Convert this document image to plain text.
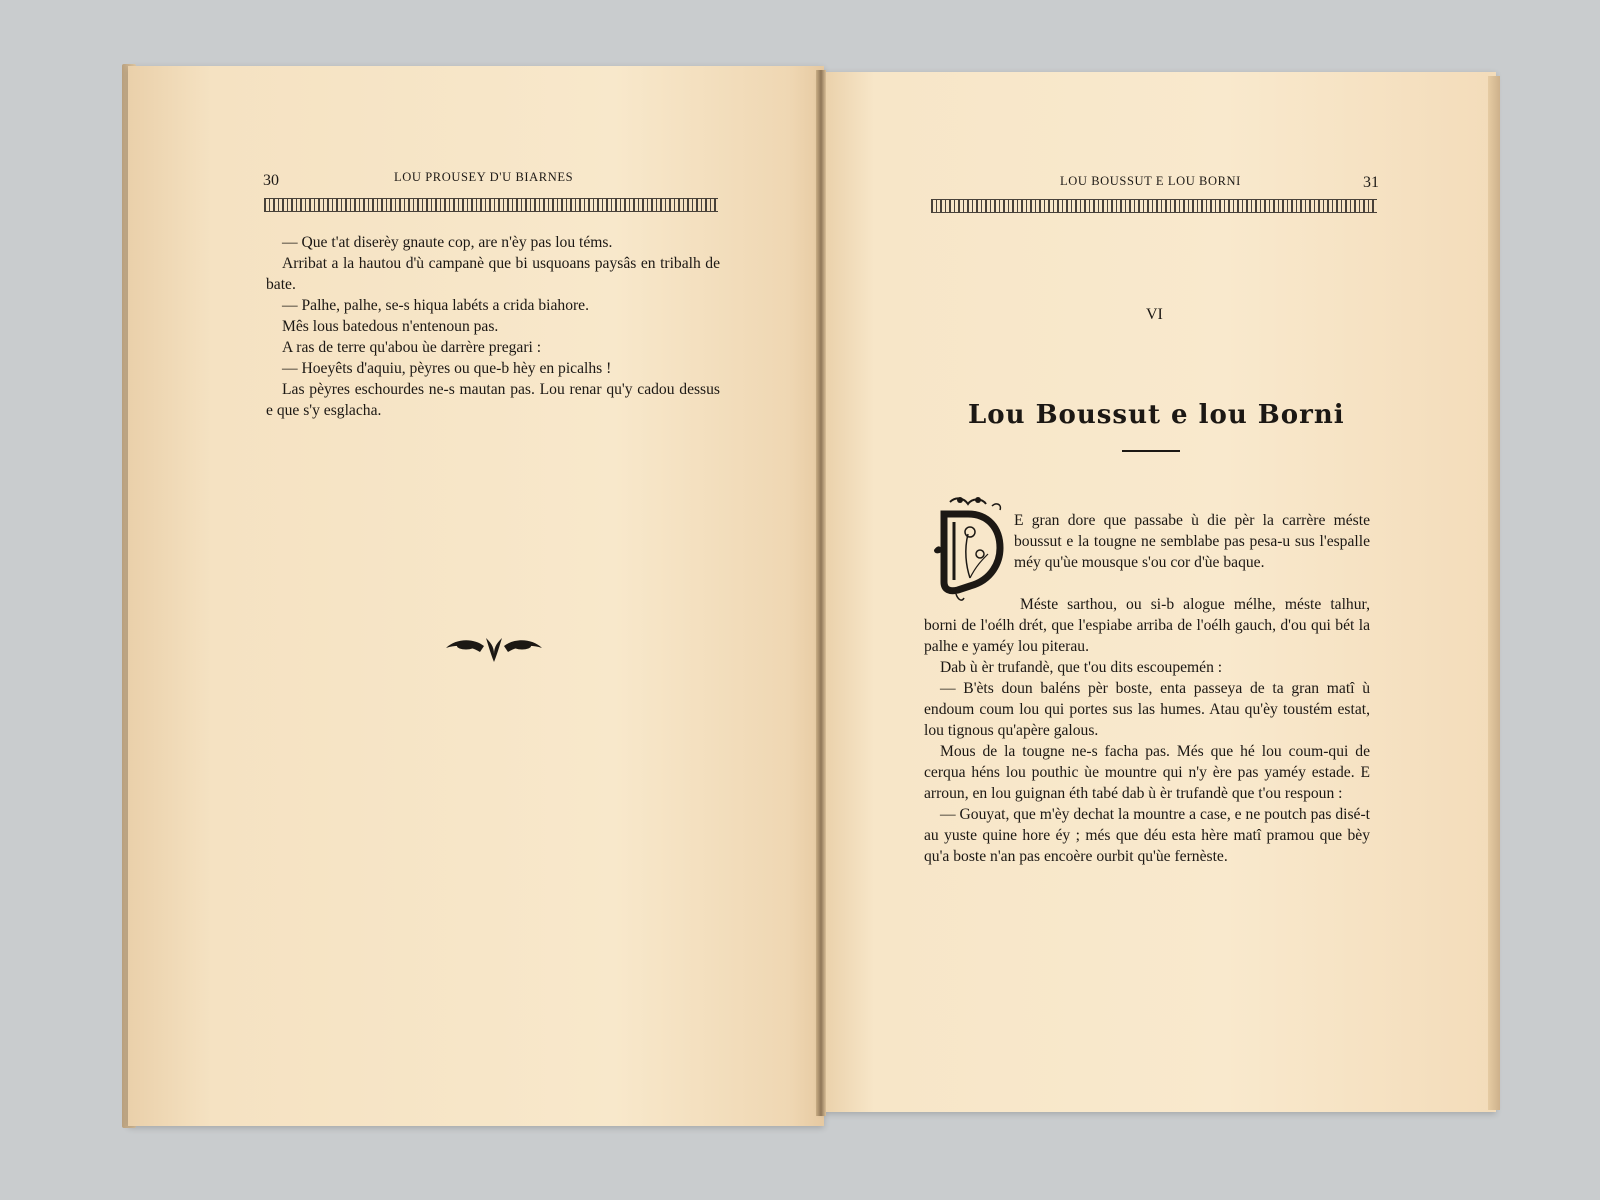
30	LOU PROUSEY D'U BIARNES

— Que t'at diserèy gnaute cop, are n'èy pas lou téms.

Arribat a la hautou d'ù campanè que bi usquoans paysâs en tribalh de bate.

— Palhe, palhe, se-s hiqua labéts a crida biahore.

Mês lous batedous n'entenoun pas.

A ras de terre qu'abou ùe darrère pregari :

— Hoeyêts d'aquiu, pèyres ou que-b hèy en picalhs !

Las pèyres eschourdes ne-s mautan pas. Lou renar qu'y cadou dessus e que s'y esglacha.

LOU BOUSSUT E LOU BORNI	31
VI
Lou Boussut e lou Borni
E gran dore que passabe ù die pèr la carrère méste boussut e la tougne ne semblabe pas pesa-u sus l'espalle méy qu'ùe mousque s'ou cor d'ùe baque.

Méste sarthou, ou si-b alogue mélhe, méste talhur, borni de l'oélh drét, que l'espiabe arriba de l'oélh gauch, d'ou qui bét la palhe e yaméy lou piterau.

Dab ù èr trufandè, que t'ou dits escoupemén :

— B'èts doun baléns pèr boste, enta passeya de ta gran matî ù endoum coum lou qui portes sus las humes. Atau qu'èy toustém estat, lou tignous qu'apère galous.

Mous de la tougne ne-s facha pas. Més que hé lou coum-qui de cerqua héns lou pouthic ùe mountre qui n'y ère pas yaméy estade. E arroun, en lou guignan éth tabé dab ù èr trufandè que t'ou respoun :

— Gouyat, que m'èy dechat la mountre a case, e ne poutch pas disé-t au yuste quine hore éy ; més que déu esta hère matî pramou que bèy qu'a boste n'an pas encoère ourbit qu'ùe fernèste.
